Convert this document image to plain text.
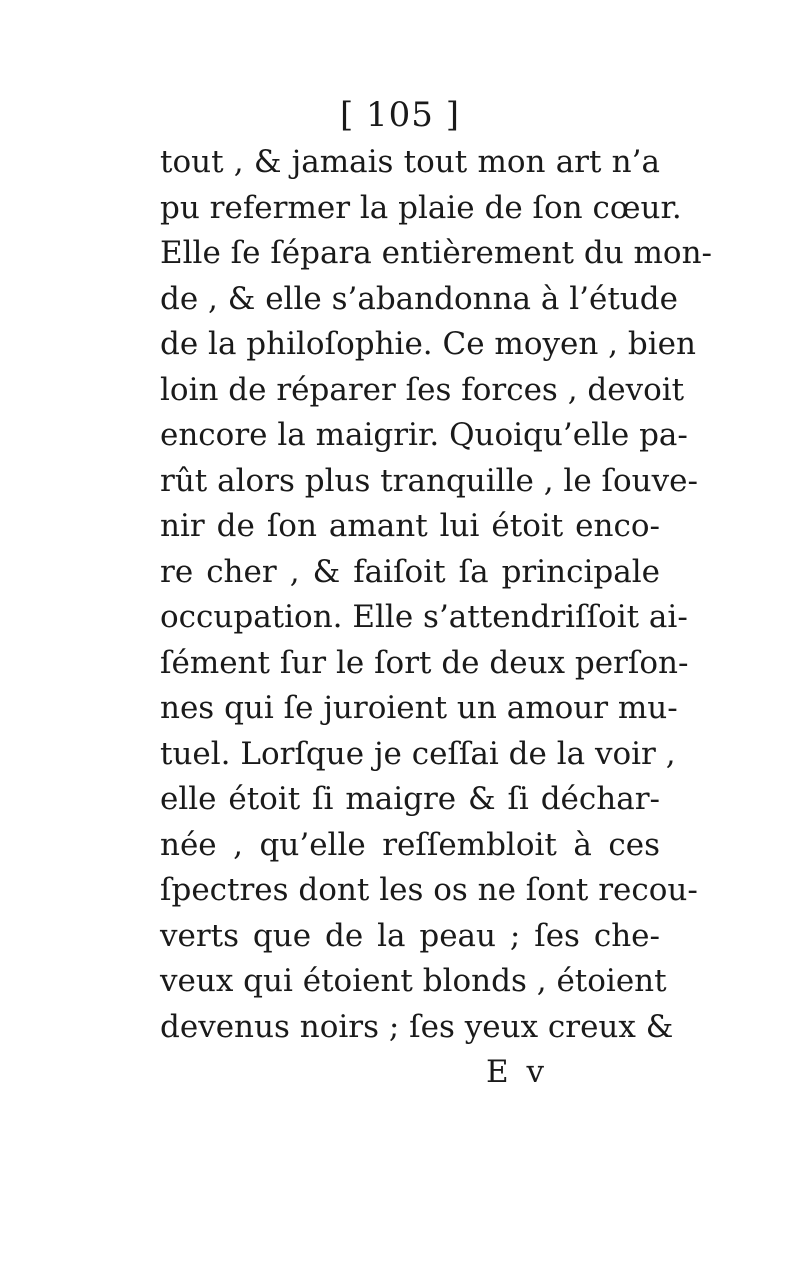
[ 105 ]
tout , & jamais tout mon art n’a
pu refermer la plaie de ſon cœur.
Elle ſe ſépara entièrement du mon-
de , & elle s’abandonna à l’étude
de la philoſophie. Ce moyen , bien
loin de réparer ſes forces , devoit
encore la maigrir. Quoiqu’elle pa-
rût alors plus tranquille , le ſouve-
nir de ſon amant lui étoit enco-
re cher , & faiſoit ſa principale
occupation. Elle s’attendriſſoit ai-
ſément ſur le ſort de deux perſon-
nes qui ſe juroient un amour mu-
tuel. Lorſque je ceſſai de la voir ,
elle étoit ſi maigre & ſi déchar-
née , qu’elle reſſembloit à ces
ſpectres dont les os ne ſont recou-
verts que de la peau ; ſes che-
veux qui étoient blonds , étoient
devenus noirs ; ſes yeux creux &
E v
